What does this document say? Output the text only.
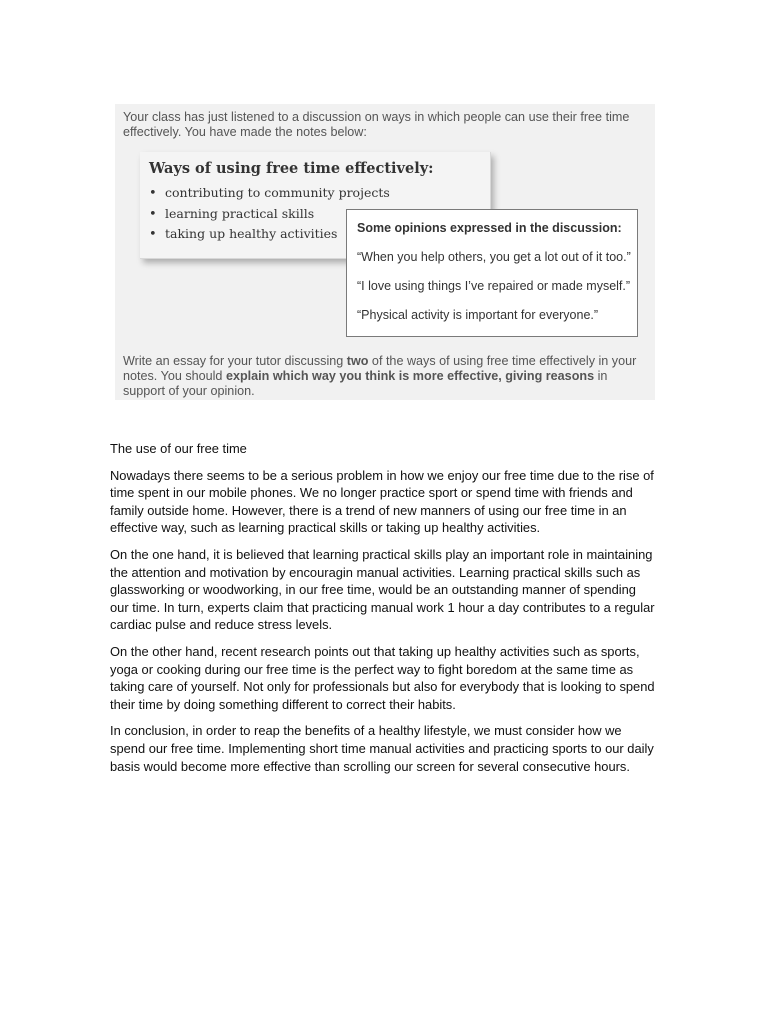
Your class has just listened to a discussion on ways in which people can use their free time effectively. You have made the notes below:
Ways of using free time effectively:
• contributing to community projects
• learning practical skills
• taking up healthy activities	Some opinions expressed in the discussion:
“When you help others, you get a lot out of it too.”
“I love using things I’ve repaired or made myself.”
“Physical activity is important for everyone.”
Write an essay for your tutor discussing two of the ways of using free time effectively in your notes. You should explain which way you think is more effective, giving reasons in support of your opinion.

The use of our free time

Nowadays there seems to be a serious problem in how we enjoy our free time due to the rise of time spent in our mobile phones. We no longer practice sport or spend time with friends and family outside home. However, there is a trend of new manners of using our free time in an effective way, such as learning practical skills or taking up healthy activities.

On the one hand, it is believed that learning practical skills play an important role in maintaining the attention and motivation by encouragin manual activities. Learning practical skills such as glassworking or woodworking, in our free time, would be an outstanding manner of spending our time. In turn, experts claim that practicing manual work 1 hour a day contributes to a regular cardiac pulse and reduce stress levels.

On the other hand, recent research points out that taking up healthy activities such as sports, yoga or cooking during our free time is the perfect way to fight boredom at the same time as taking care of yourself. Not only for professionals but also for everybody that is looking to spend their time by doing something different to correct their habits.

In conclusion, in order to reap the benefits of a healthy lifestyle, we must consider how we spend our free time. Implementing short time manual activities and practicing sports to our daily basis would become more effective than scrolling our screen for several consecutive hours.
